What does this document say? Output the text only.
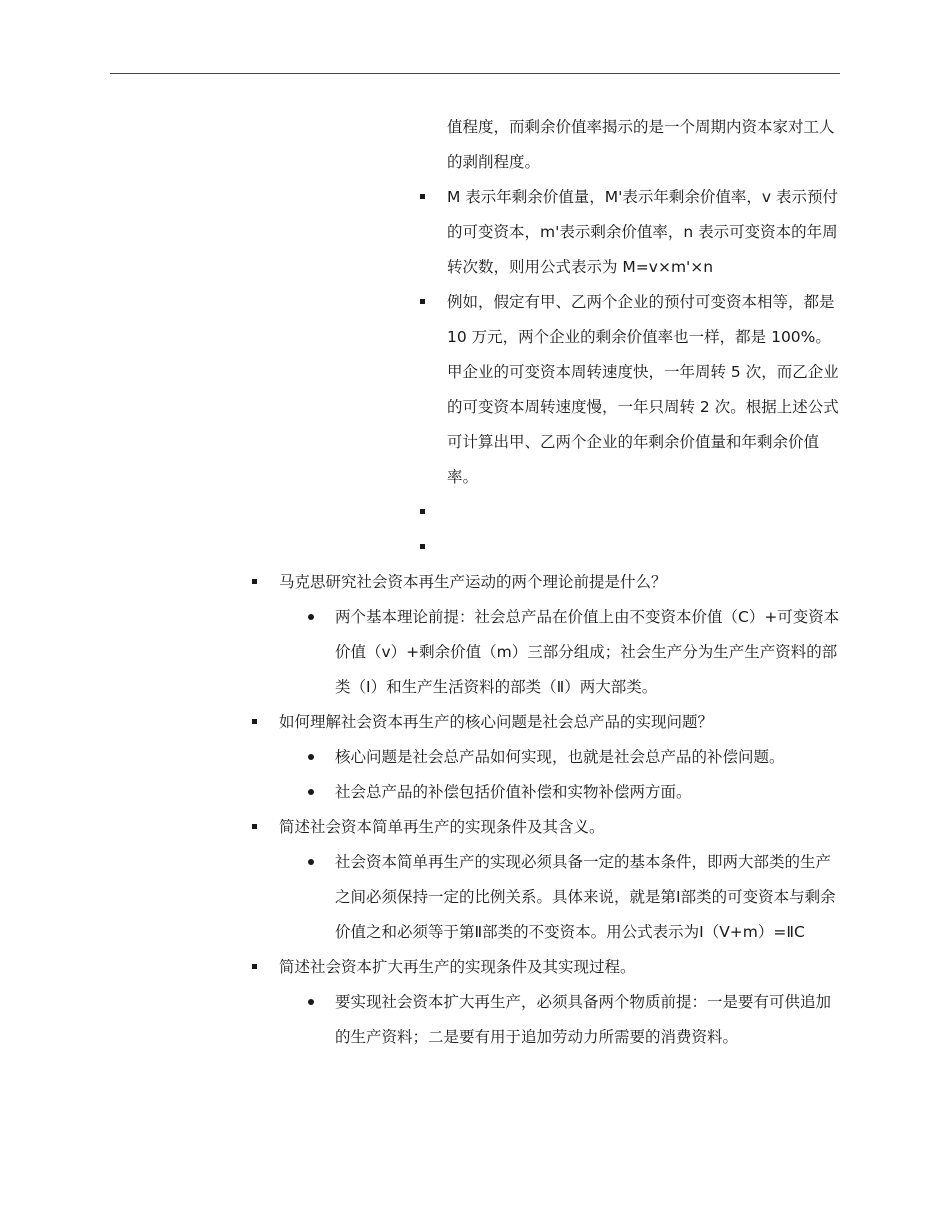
值程度，而剩余价值率揭示的是一个周期内资本家对工人的剥削程度。
M 表示年剩余价值量，M'表示年剩余价值率，v 表示预付的可变资本，m'表示剩余价值率，n 表示可变资本的年周转次数，则用公式表示为 M=v×m'×n
例如，假定有甲、乙两个企业的预付可变资本相等，都是 10 万元，两个企业的剩余价值率也一样，都是 100%。甲企业的可变资本周转速度快，一年周转 5 次，而乙企业的可变资本周转速度慢，一年只周转 2 次。根据上述公式可计算出甲、乙两个企业的年剩余价值量和年剩余价值率。
马克思研究社会资本再生产运动的两个理论前提是什么？
两个基本理论前提：社会总产品在价值上由不变资本价值（C）+可变资本价值（v）+剩余价值（m）三部分组成；社会生产分为生产生产资料的部类（Ⅰ）和生产生活资料的部类（Ⅱ）两大部类。
如何理解社会资本再生产的核心问题是社会总产品的实现问题？
核心问题是社会总产品如何实现，也就是社会总产品的补偿问题。
社会总产品的补偿包括价值补偿和实物补偿两方面。
简述社会资本简单再生产的实现条件及其含义。
社会资本简单再生产的实现必须具备一定的基本条件，即两大部类的生产之间必须保持一定的比例关系。具体来说，就是第Ⅰ部类的可变资本与剩余价值之和必须等于第Ⅱ部类的不变资本。用公式表示为Ⅰ（V+m）=ⅡC
简述社会资本扩大再生产的实现条件及其实现过程。
要实现社会资本扩大再生产，必须具备两个物质前提：一是要有可供追加的生产资料；二是要有用于追加劳动力所需要的消费资料。
